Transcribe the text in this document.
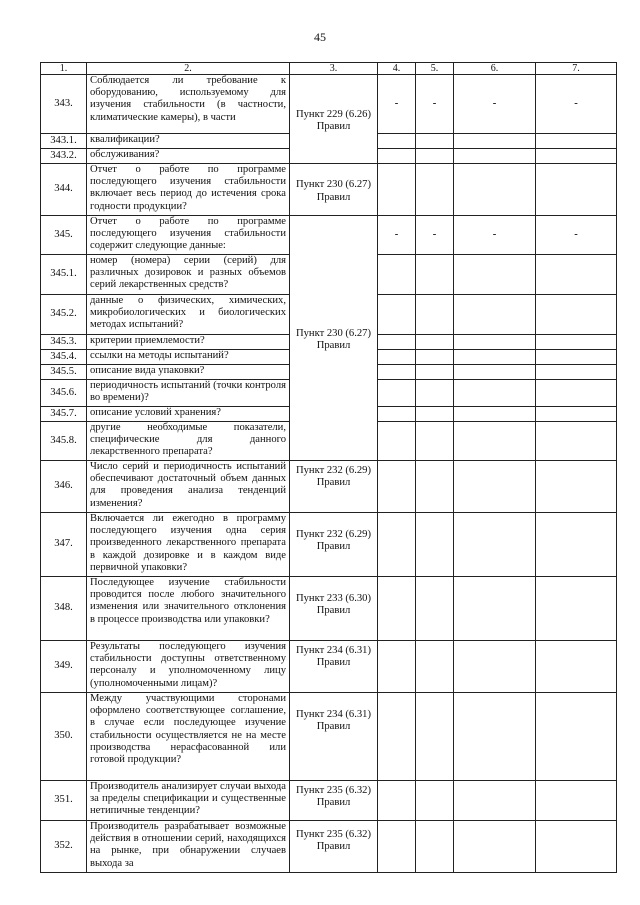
45
1.	2.	3.	4.	5.	6.	7.
343.	Соблюдается ли требование к оборудованию, используемому для изучения стабильности (в частности, климатические камеры), в части	Пункт 229 (6.26) Правил	-	-	-	-
343.1.	квалификации?					
343.2.	обслуживания?					
344.	Отчет о работе по программе последующего изучения стабильности включает весь период до истечения срока годности продукции?	Пункт 230 (6.27) Правил				
345.	Отчет о работе по программе последующего изучения стабильности содержит следующие данные:	Пункт 230 (6.27) Правил	-	-	-	-
345.1.	номер (номера) серии (серий) для различных дозировок и разных объемов серий лекарственных средств?					
345.2.	данные о физических, химических, микробиологических и биологических методах испытаний?					
345.3.	критерии приемлемости?					
345.4.	ссылки на методы испытаний?					
345.5.	описание вида упаковки?					
345.6.	периодичность испытаний (точки контроля во времени)?					
345.7.	описание условий хранения?					
345.8.	другие необходимые показатели, специфические для данного лекарственного препарата?					
346.	Число серий и периодичность испытаний обеспечивают достаточный объем данных для проведения анализа тенденций изменения?	Пункт 232 (6.29) Правил				
347.	Включается ли ежегодно в программу последующего изучения одна серия произведенного лекарственного препарата в каждой дозировке и в каждом виде первичной упаковки?	Пункт 232 (6.29) Правил				
348.	Последующее изучение стабильности проводится после любого значительного изменения или значительного отклонения в процессе производства или упаковки?	Пункт 233 (6.30) Правил				
349.	Результаты последующего изучения стабильности доступны ответственному персоналу и уполномоченному лицу (уполномоченными лицам)?	Пункт 234 (6.31) Правил				
350.	Между участвующими сторонами оформлено соответствующее соглашение, в случае если последующее изучение стабильности осуществляется не на месте производства нерасфасованной или готовой продукции?	Пункт 234 (6.31) Правил				
351.	Производитель анализирует случаи выхода за пределы спецификации и существенные нетипичные тенденции?	Пункт 235 (6.32) Правил				
352.	Производитель разрабатывает возможные действия в отношении серий, находящихся на рынке, при обнаружении случаев выхода за	Пункт 235 (6.32) Правил				
